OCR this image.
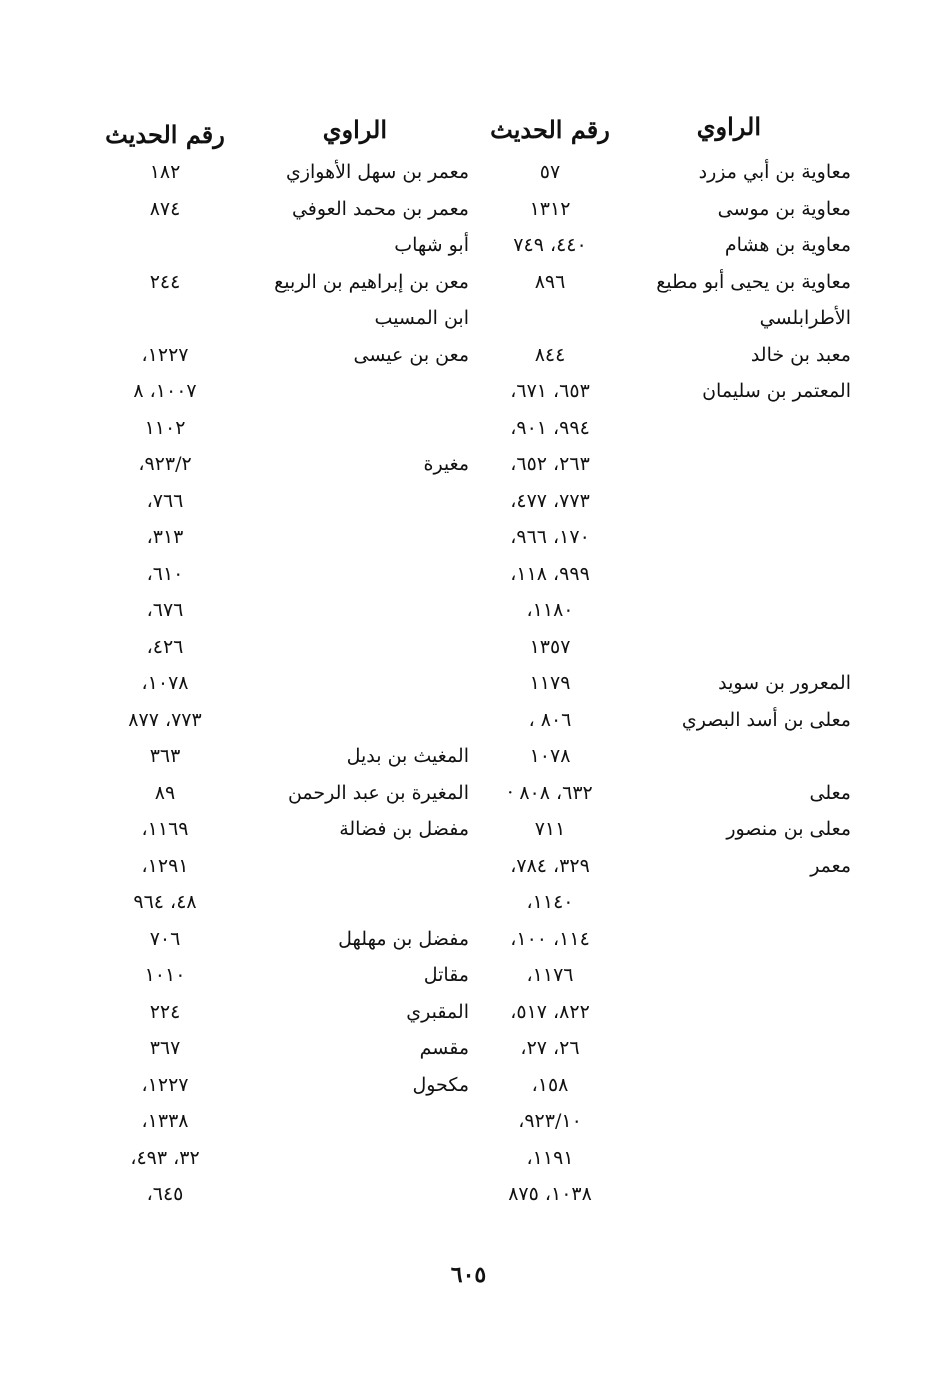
الراوي
رقم الحديث
الراوي
رقم الحديث
معاوية بن أبي مزرد
٥٧
معاوية بن موسى
١٣١٢
معاوية بن هشام
٤٤٠، ٧٤٩
معاوية بن يحيى أبو مطيع
٨٩٦
الأطرابلسي
معبد بن خالد
٨٤٤
المعتمر بن سليمان
٦٥٣، ٦٧١،
٩٩٤، ٩٠١،
٢٦٣، ٦٥٢،
٧٧٣، ٤٧٧،
١٧٠، ٩٦٦،
٩٩٩، ١١٨،
١١٨٠،
١٣٥٧
المعرور بن سويد
١١٧٩
معلى بن أسد البصري
٨٠٦ ،
١٠٧٨
معلى
٦٣٢، ٨٠٨ ·
معلى بن منصور
٧١١
معمر
٣٢٩، ٧٨٤،
١١٤٠،
١١٤، ١٠٠،
١١٧٦،
٨٢٢، ٥١٧،
٢٦، ٢٧،
١٥٨،
٩٢٣/١٠،
١١٩١،
١٠٣٨، ٨٧٥
معمر بن سهل الأهوازي
١٨٢
معمر بن محمد العوفي
٨٧٤
أبو شهاب
معن بن إبراهيم بن الربيع
٢٤٤
ابن المسيب
معن بن عيسى
١٢٢٧،
١٠٠٧، ٨
١١٠٢
مغيرة
٩٢٣/٢،
٧٦٦،
٣١٣،
٦١٠،
٦٧٦،
٤٢٦،
١٠٧٨،
٧٧٣، ٨٧٧
المغيث بن بديل
٣٦٣
المغيرة بن عبد الرحمن
٨٩
مفضل بن فضالة
١١٦٩،
١٢٩١،
٤٨، ٩٦٤
مفضل بن مهلهل
٧٠٦
مقاتل
١٠١٠
المقبري
٢٢٤
مقسم
٣٦٧
مكحول
١٢٢٧،
١٣٣٨،
٣٢، ٤٩٣،
٦٤٥،
٦٠٥
